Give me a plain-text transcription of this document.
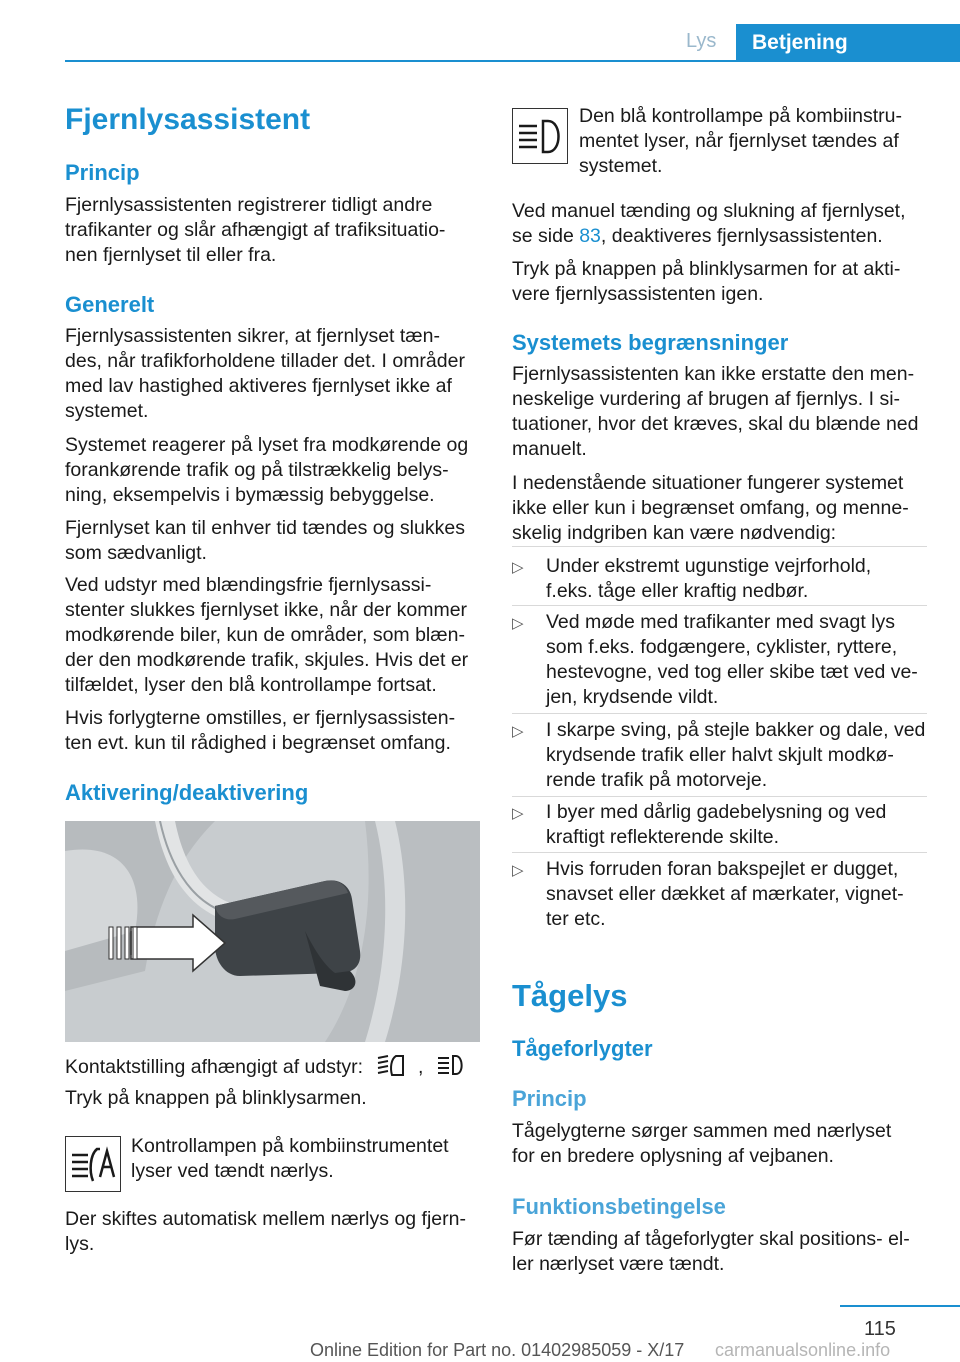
Lys	Betjening
Fjernlysassistent
Princip

Fjernlysassistenten registrerer tidligt andre

trafikanter og slår afhængigt af trafiksituatio‐

nen fjernlyset til eller fra.

Generelt

Fjernlysassistenten sikrer, at fjernlyset tæn‐

des, når trafikforholdene tillader det. I områder

med lav hastighed aktiveres fjernlyset ikke af

systemet.

Systemet reagerer på lyset fra modkørende og

forankørende trafik og på tilstrækkelig belys‐

ning, eksempelvis i bymæssig bebyggelse.

Fjernlyset kan til enhver tid tændes og slukkes

som sædvanligt.

Ved udstyr med blændingsfrie fjernlysassi‐

stenter slukkes fjernlyset ikke, når der kommer

modkørende biler, kun de områder, som blæn‐

der den modkørende trafik, skjules. Hvis det er

tilfældet, lyser den blå kontrollampe fortsat.

Hvis forlygterne omstilles, er fjernlysassisten‐

ten evt. kun til rådighed i begrænset omfang.

Aktivering/deaktivering
Kontaktstilling afhængigt af udstyr:	,

Tryk på knappen på blinklysarmen.

Kontrollampen på kombiinstrumentet

lyser ved tændt nærlys.

Der skiftes automatisk mellem nærlys og fjern‐

lys.

Den blå kontrollampe på kombiinstru‐

mentet lyser, når fjernlyset tændes af

systemet.

Ved manuel tænding og slukning af fjernlyset,

se side 83, deaktiveres fjernlysassistenten.

Tryk på knappen på blinklysarmen for at akti‐

vere fjernlysassistenten igen.

Systemets begrænsninger

Fjernlysassistenten kan ikke erstatte den men‐

neskelige vurdering af brugen af fjernlys. I si‐

tuationer, hvor det kræves, skal du blænde ned

manuelt.

I nedenstående situationer fungerer systemet

ikke eller kun i begrænset omfang, og menne‐

skelig indgriben kan være nødvendig:

▷ Under ekstremt ugunstige vejrforhold,

f.eks. tåge eller kraftig nedbør.

▷ Ved møde med trafikanter med svagt lys

som f.eks. fodgængere, cyklister, ryttere,

hestevogne, ved tog eller skibe tæt ved ve‐

jen, krydsende vildt.

▷ I skarpe sving, på stejle bakker og dale, ved

krydsende trafik eller halvt skjult modkø‐

rende trafik på motorveje.

▷ I byer med dårlig gadebelysning og ved

kraftigt reflekterende skilte.

▷ Hvis forruden foran bakspejlet er dugget,

snavset eller dækket af mærkater, vignet‐

ter etc.

Tågelys
Tågeforlygter
Princip

Tågelygterne sørger sammen med nærlyset

for en bredere oplysning af vejbanen.

Funktionsbetingelse

Før tænding af tågeforlygter skal positions- el‐

ler nærlyset være tændt.

115
Online Edition for Part no. 01402985059 - X/17 carmanualsonline.info
